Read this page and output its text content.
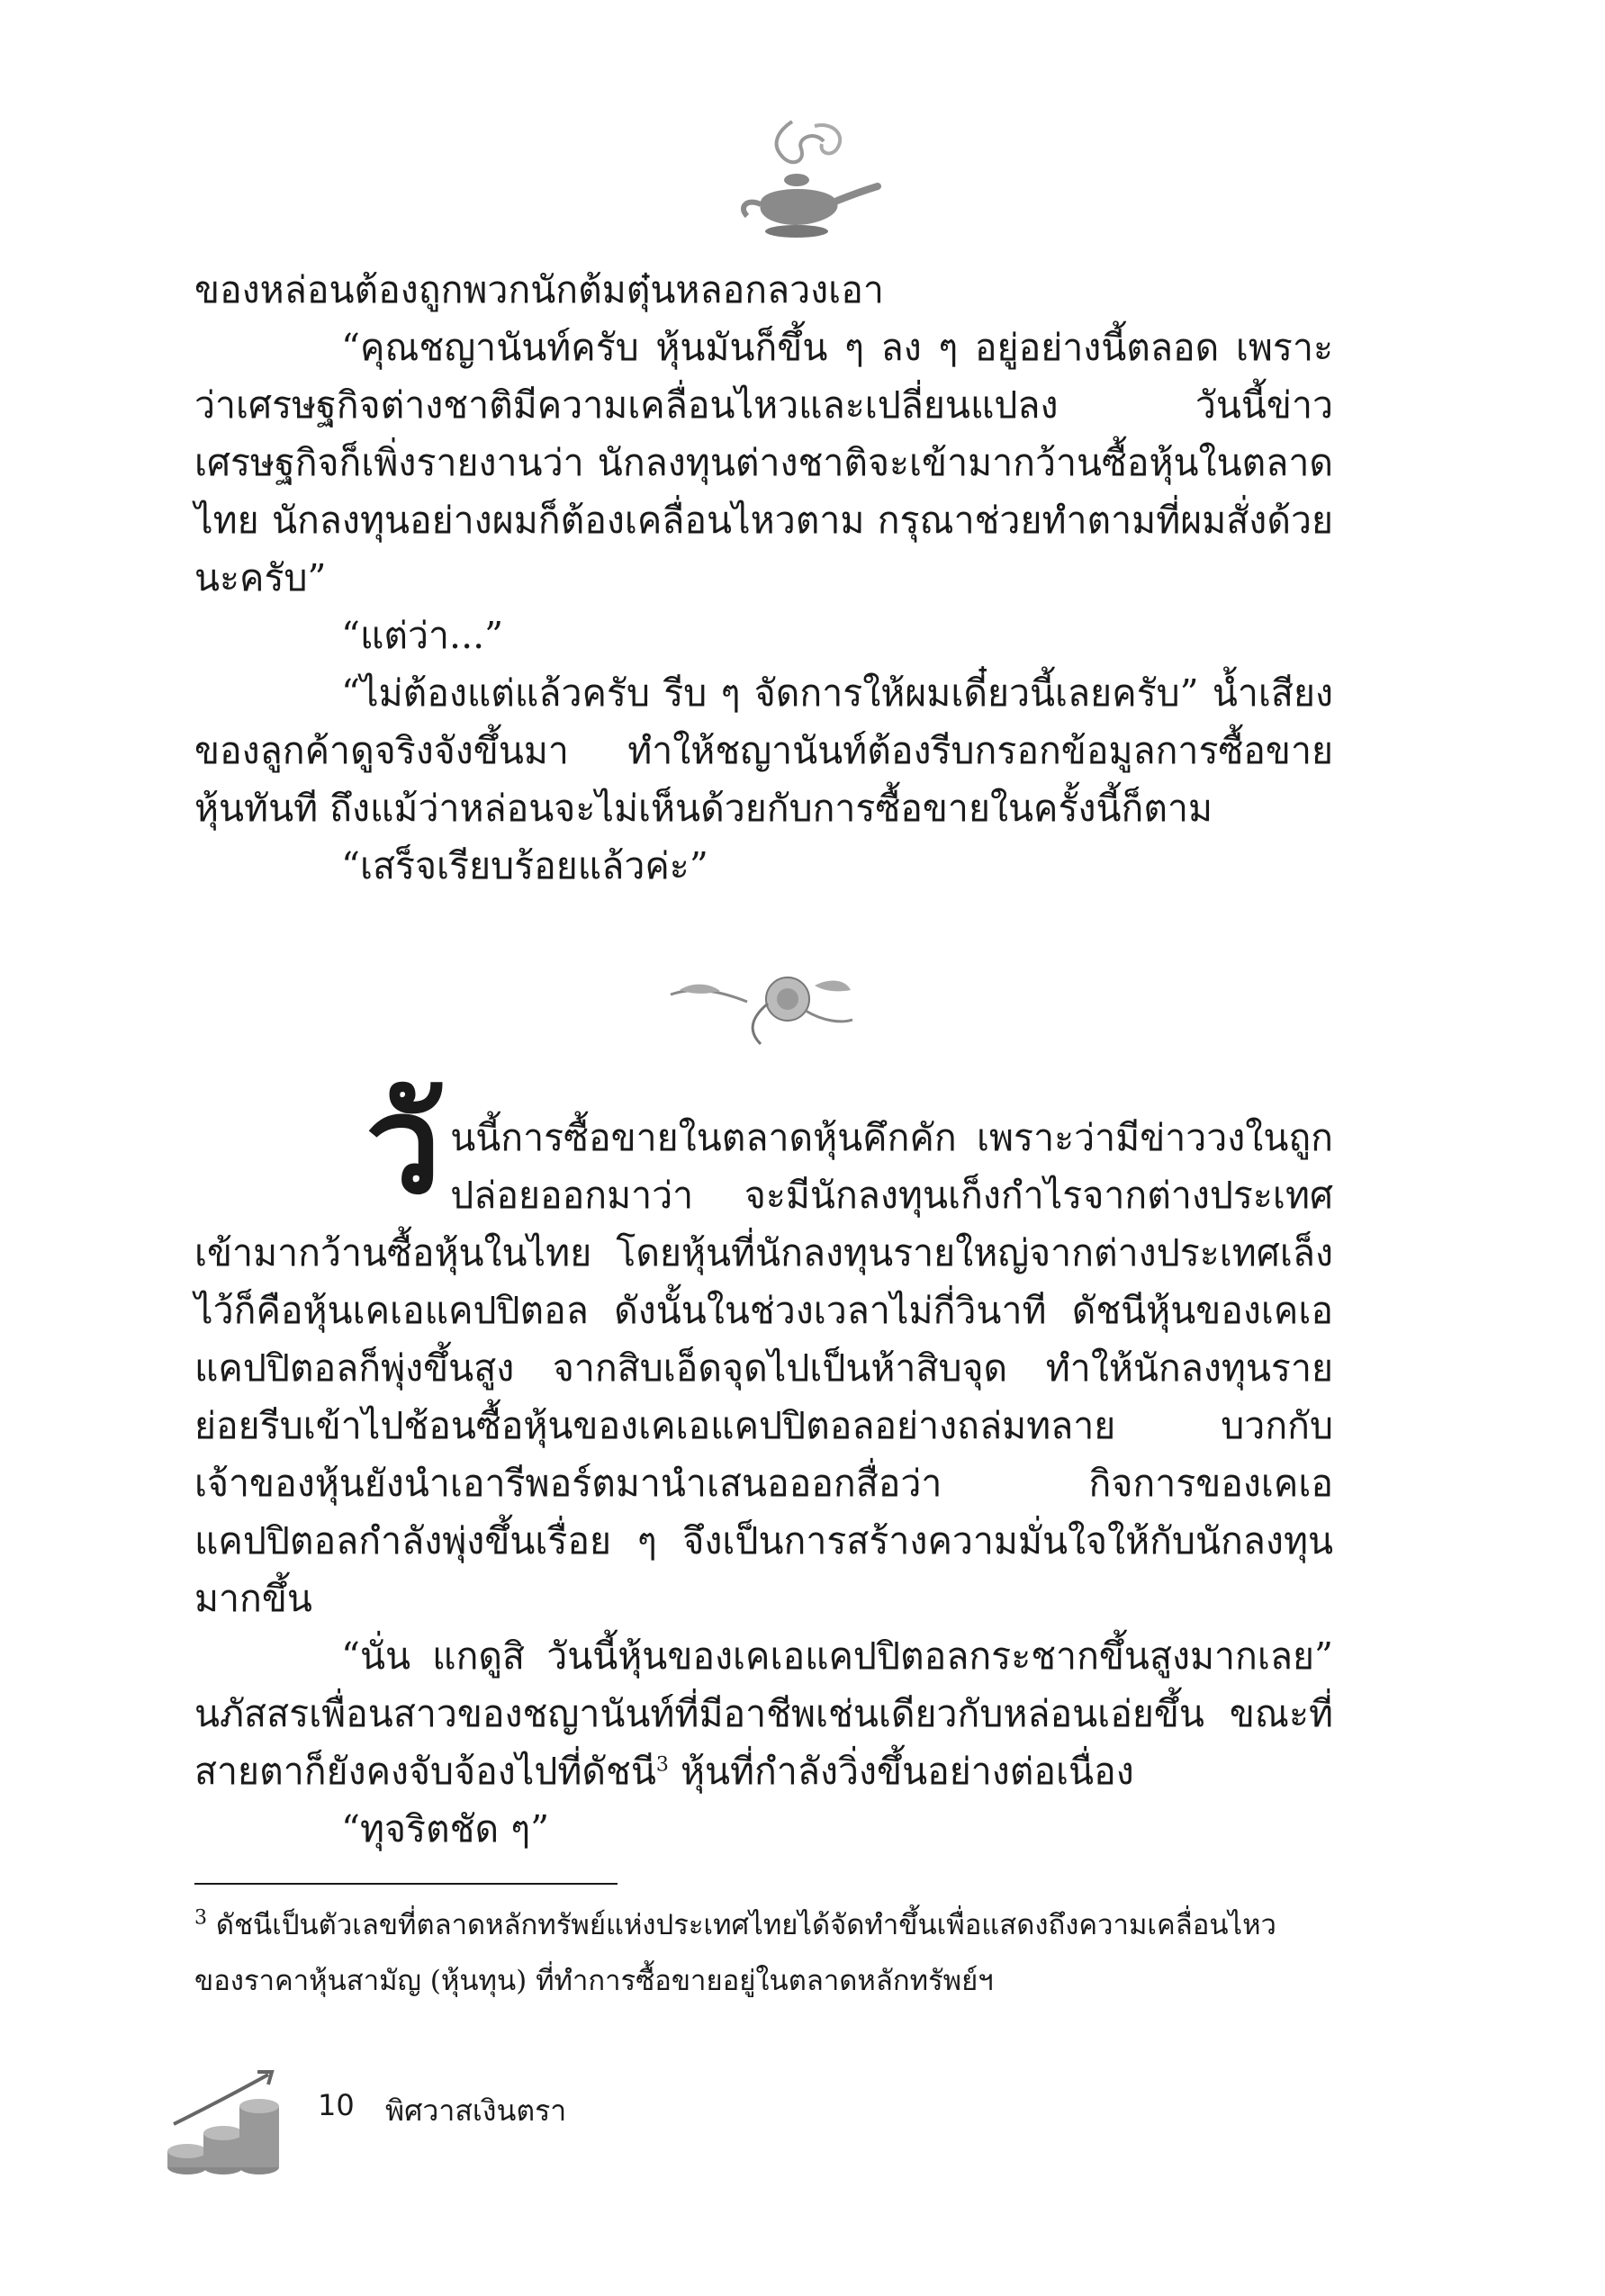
ของหล่อนต้องถูกพวกนักต้มตุ๋นหลอกลวงเอา

“คุณชญานันท์ครับ หุ้นมันก็ขึ้น ๆ ลง ๆ อยู่อย่างนี้ตลอด เพราะว่าเศรษฐกิจต่างชาติมีความเคลื่อนไหวและเปลี่ยนแปลง วันนี้ข่าวเศรษฐกิจก็เพิ่งรายงานว่า นักลงทุนต่างชาติจะเข้ามากว้านซื้อหุ้นในตลาดไทย นักลงทุนอย่างผมก็ต้องเคลื่อนไหวตาม กรุณาช่วยทำตามที่ผมสั่งด้วยนะครับ”

“แต่ว่า...”

“ไม่ต้องแต่แล้วครับ รีบ ๆ จัดการให้ผมเดี๋ยวนี้เลยครับ” น้ำเสียงของลูกค้าดูจริงจังขึ้นมา ทำให้ชญานันท์ต้องรีบกรอกข้อมูลการซื้อขายหุ้นทันที ถึงแม้ว่าหล่อนจะไม่เห็นด้วยกับการซื้อขายในครั้งนี้ก็ตาม

“เสร็จเรียบร้อยแล้วค่ะ”

วันนี้การซื้อขายในตลาดหุ้นคึกคัก เพราะว่ามีข่าววงในถูกปล่อยออกมาว่า จะมีนักลงทุนเก็งกำไรจากต่างประเทศเข้ามากว้านซื้อหุ้นในไทย โดยหุ้นที่นักลงทุนรายใหญ่จากต่างประเทศเล็งไว้ก็คือหุ้นเคเอแคปปิตอล ดังนั้นในช่วงเวลาไม่กี่วินาที ดัชนีหุ้นของเคเอแคปปิตอลก็พุ่งขึ้นสูง จากสิบเอ็ดจุดไปเป็นห้าสิบจุด ทำให้นักลงทุนรายย่อยรีบเข้าไปช้อนซื้อหุ้นของเคเอแคปปิตอลอย่างถล่มทลาย บวกกับเจ้าของหุ้นยังนำเอารีพอร์ตมานำเสนอออกสื่อว่า กิจการของเคเอแคปปิตอลกำลังพุ่งขึ้นเรื่อย ๆ จึงเป็นการสร้างความมั่นใจให้กับนักลงทุนมากขึ้น

“นั่น แกดูสิ วันนี้หุ้นของเคเอแคปปิตอลกระชากขึ้นสูงมากเลย” นภัสสรเพื่อนสาวของชญานันท์ที่มีอาชีพเช่นเดียวกับหล่อนเอ่ยขึ้น ขณะที่สายตาก็ยังคงจับจ้องไปที่ดัชนี$^3$ หุ้นที่กำลังวิ่งขึ้นอย่างต่อเนื่อง

“ทุจริตชัด ๆ”

$^3$ ดัชนีเป็นตัวเลขที่ตลาดหลักทรัพย์แห่งประเทศไทยได้จัดทำขึ้นเพื่อแสดงถึงความเคลื่อนไหว

ของราคาหุ้นสามัญ (หุ้นทุน) ที่ทำการซื้อขายอยู่ในตลาดหลักทรัพย์ฯ

10 พิศวาสเงินตรา
